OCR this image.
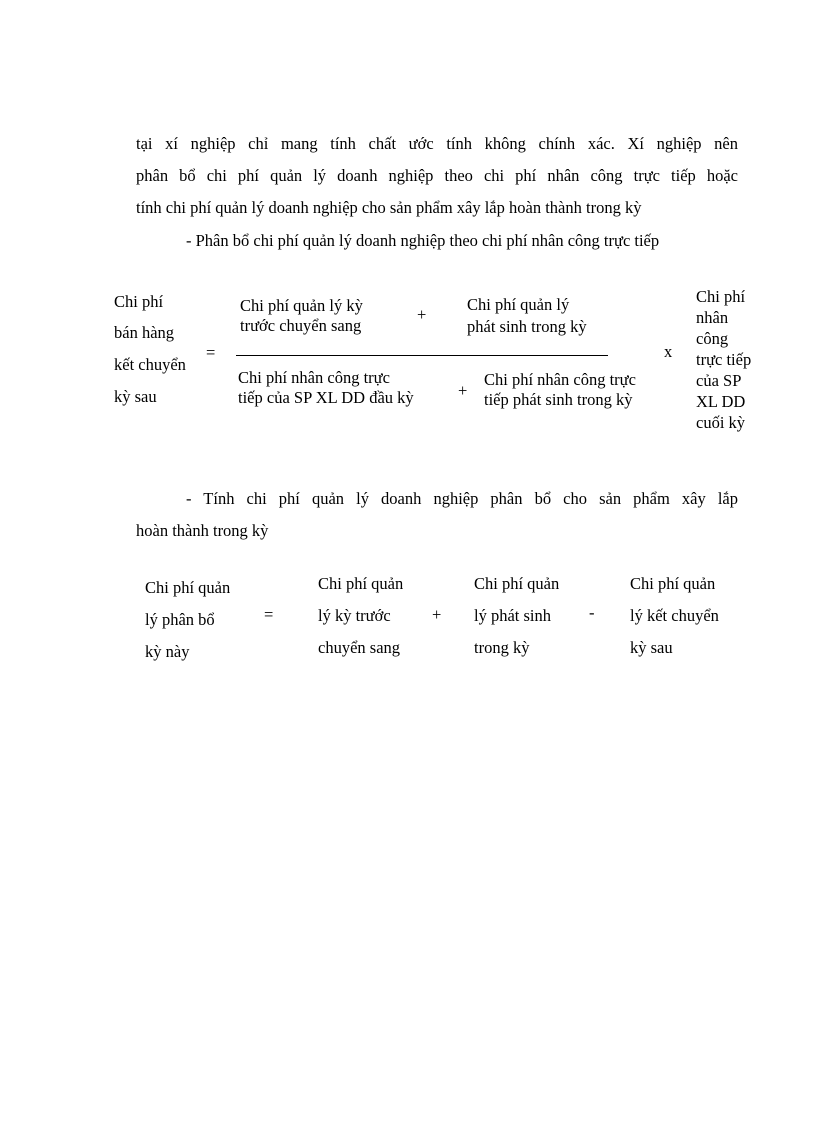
tại xí nghiệp chỉ mang tính chất ước tính không chính xác. Xí nghiệp nên
phân bổ chi phí quản lý doanh nghiệp theo chi phí nhân công trực tiếp hoặc
tính chi phí quản lý doanh nghiệp cho sản phẩm xây lắp hoàn thành trong kỳ
- Phân bổ chi phí quản lý doanh nghiệp theo chi phí nhân công trực tiếp
Chi phí
bán hàng
kết chuyển
kỳ sau
=
Chi phí quản lý kỳ
trước chuyển sang
+
Chi phí quản lý
phát sinh trong kỳ
Chi phí nhân công trực
tiếp của SP XL DD đầu kỳ	+
Chi phí nhân công trực
tiếp phát sinh trong kỳ
x
Chi phí
nhân
công
trực tiếp
của SP
XL DD
cuối kỳ
- Tính chi phí quản lý doanh nghiệp phân bổ cho sản phẩm xây lắp
hoàn thành trong kỳ
Chi phí quản
lý phân bổ
kỳ này
=
Chi phí quản
lý kỳ trước
chuyển sang
+
Chi phí quản
lý phát sinh
trong kỳ
-
Chi phí quản
lý kết chuyển
kỳ sau
